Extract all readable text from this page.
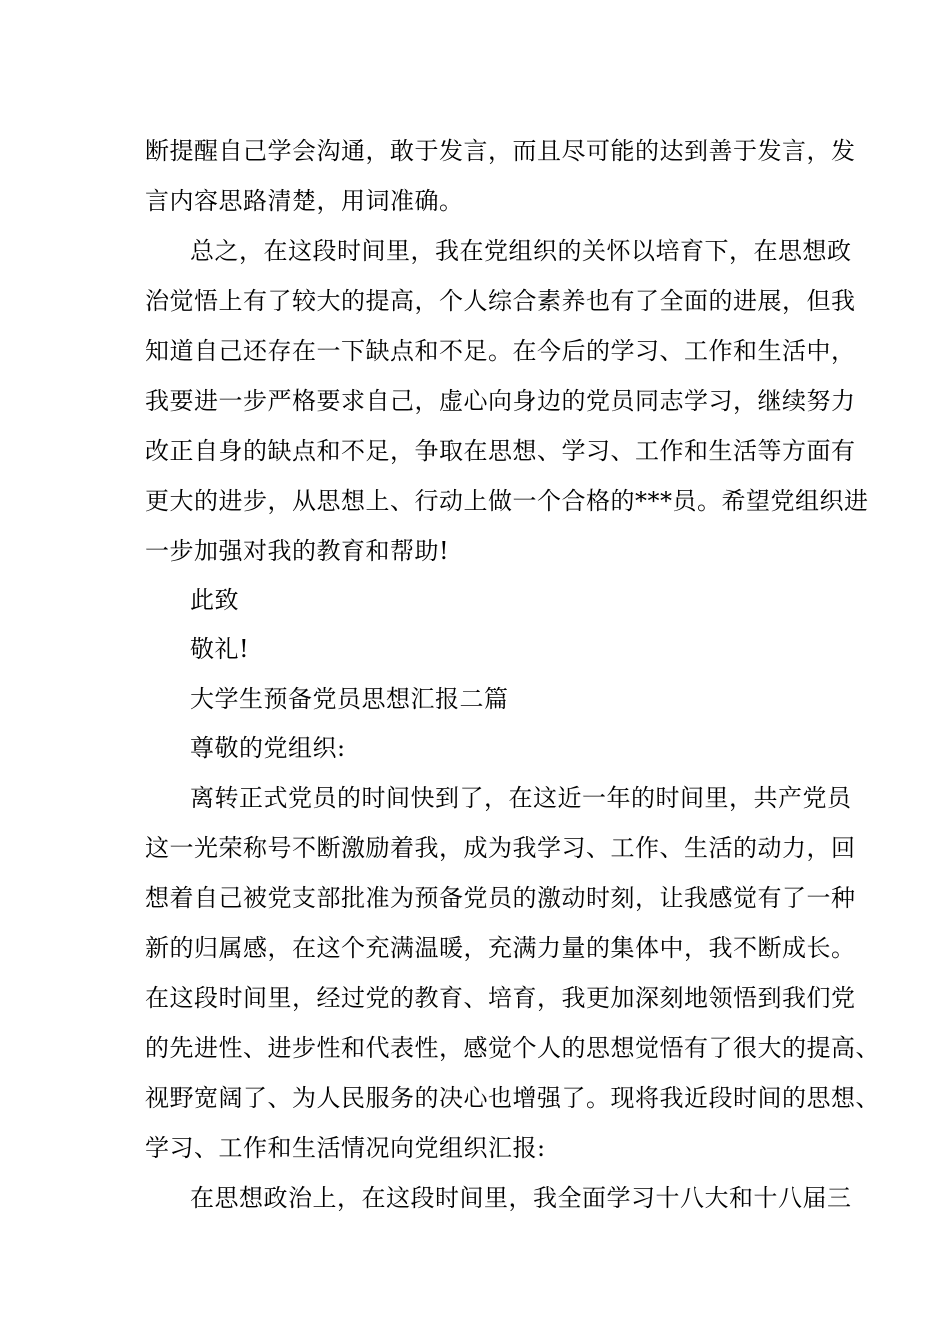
断提醒自己学会沟通，敢于发言，而且尽可能的达到善于发言，发
言内容思路清楚，用词准确。
总之，在这段时间里，我在党组织的关怀以培育下，在思想政
治觉悟上有了较大的提高，个人综合素养也有了全面的进展，但我
知道自己还存在一下缺点和不足。在今后的学习、工作和生活中，
我要进一步严格要求自己，虚心向身边的党员同志学习，继续努力
改正自身的缺点和不足，争取在思想、学习、工作和生活等方面有
更大的进步，从思想上、行动上做一个合格的***员。希望党组织进
一步加强对我的教育和帮助!
此致
敬礼!
大学生预备党员思想汇报二篇
尊敬的党组织:
离转正式党员的时间快到了，在这近一年的时间里，共产党员
这一光荣称号不断激励着我，成为我学习、工作、生活的动力，回
想着自己被党支部批准为预备党员的激动时刻，让我感觉有了一种
新的归属感，在这个充满温暖，充满力量的集体中，我不断成长。
在这段时间里，经过党的教育、培育，我更加深刻地领悟到我们党
的先进性、进步性和代表性，感觉个人的思想觉悟有了很大的提高、
视野宽阔了、为人民服务的决心也增强了。现将我近段时间的思想、
学习、工作和生活情况向党组织汇报:
在思想政治上，在这段时间里，我全面学习十八大和十八届三
